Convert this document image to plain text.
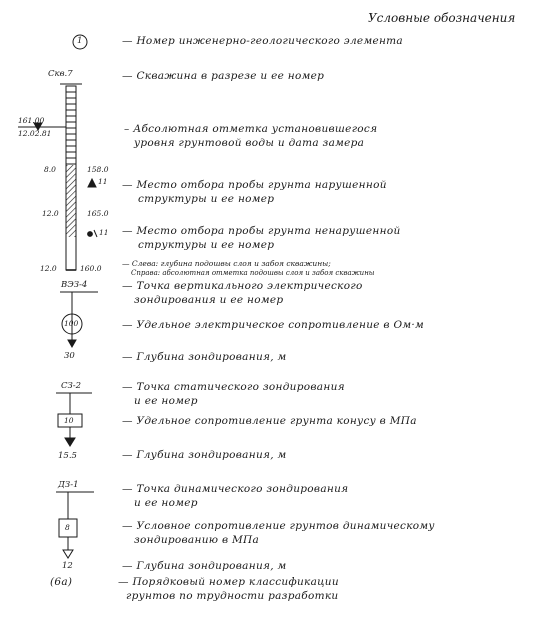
Условные обозначения
1	— Номер инженерно-геологического элемента
Скв.7	— Скважина в разрезе и ее номер
161.00
12.02.81	– Абсолютная отметка установившегося
уровня грунтовой воды и дата замера
8.0	158.0
11 — Место отбора пробы грунта нарушенной
структуры и ее номер
12.0	165.0
11 — Место отбора пробы грунта ненарушенной
структуры и ее номер
12.0	160.0
— Слева: глубина подошвы слоя и забоя скважины;
Справа: абсолютная отметка подошвы слоя и забоя скважины
ВЭЗ-4	— Точка вертикального электрического
зондирования и ее номер
100	— Удельное электрическое сопротивление в Ом·м
30	— Глубина зондирования, м
СЗ-2	— Точка статического зондирования
и ее номер
10	— Удельное сопротивление грунта конусу в МПа
15.5	— Глубина зондирования, м
ДЗ-1	— Точка динамического зондирования
и ее номер
8	— Условное сопротивление грунтов динамическому
зондированию в МПа
12	— Глубина зондирования, м
(6а)	— Порядковый номер классификации
грунтов по трудности разработки
